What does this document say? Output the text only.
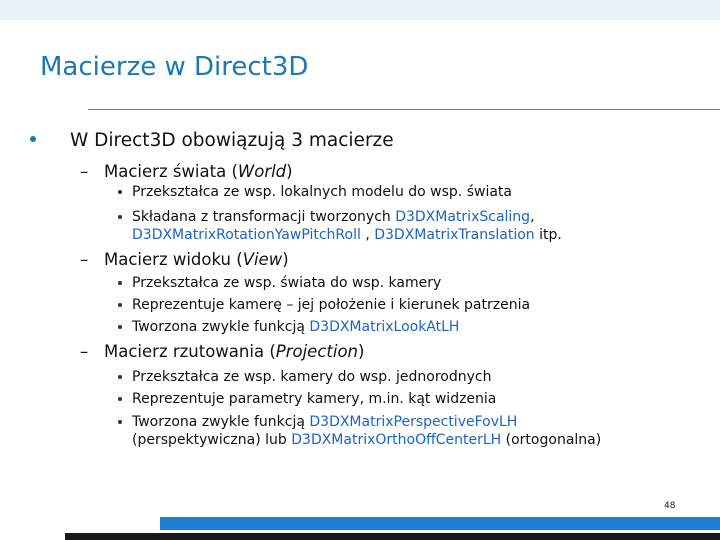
Macierze w Direct3D
W Direct3D obowiązują 3 macierze
– Macierz świata (World)
Przekształca ze wsp. lokalnych modelu do wsp. świata
Składana z transformacji tworzonych D3DXMatrixScaling,
D3DXMatrixRotationYawPitchRoll , D3DXMatrixTranslation itp.
– Macierz widoku (View)
Przekształca ze wsp. świata do wsp. kamery
Reprezentuje kamerę – jej położenie i kierunek patrzenia
Tworzona zwykle funkcją D3DXMatrixLookAtLH
– Macierz rzutowania (Projection)
Przekształca ze wsp. kamery do wsp. jednorodnych
Reprezentuje parametry kamery, m.in. kąt widzenia
Tworzona zwykle funkcją D3DXMatrixPerspectiveFovLH
(perspektywiczna) lub D3DXMatrixOrthoOffCenterLH (ortogonalna)
48
